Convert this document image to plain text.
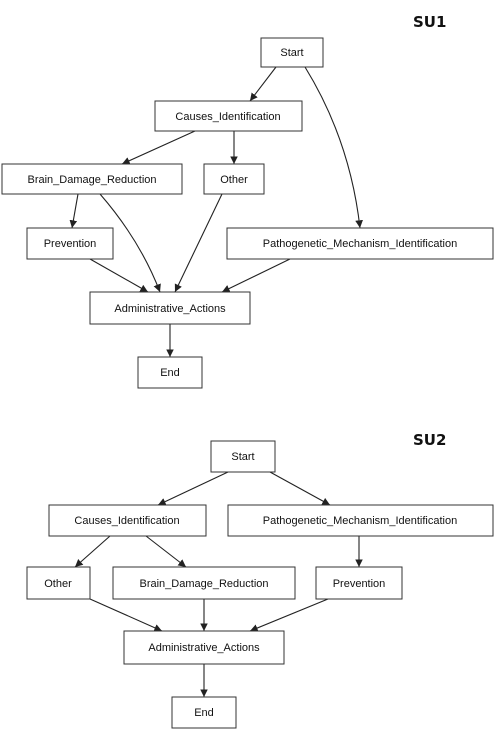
SU1
Start
Causes_Identification
Brain_Damage_Reduction	Other
Prevention	Pathogenetic_Mechanism_Identification
Administrative_Actions
End
SU2
Start
Causes_Identification	Pathogenetic_Mechanism_Identification
Other	Brain_Damage_Reduction	Prevention
Administrative_Actions
End
